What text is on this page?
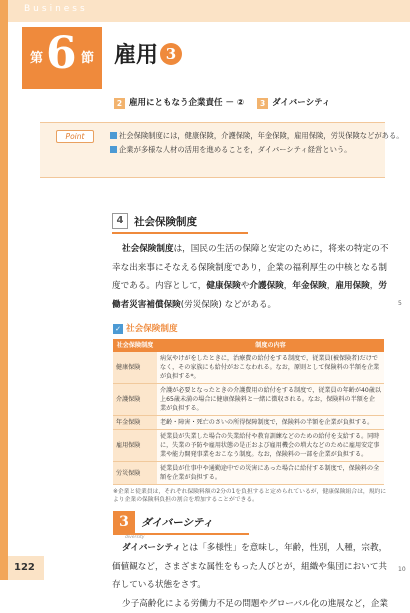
Business
第 6 節 雇用 3
2 雇用にともなう企業責任 － ② 3 ダイバーシティ
Point	社会保険制度には，健康保険，介護保険，年金保険，雇用保険，労災保険などがある。
企業が多様な人材の活用を進めることを，ダイバーシティ経営という。
4	社会保険制度
社会保険制度は，国民の生活の保障と安定のために，将来の特定の不幸な出来事にそなえる保険制度であり，企業の福利厚生の中核となる制度である。内容として，健康保険や介護保険，年金保険，雇用保険，労働者災害補償保険(労災保険) などがある。	5
✓ 社会保険制度
社会保険制度	制度の内容
健康保険	病気やけがをしたときに，治療費の給付をする制度で，従業員(被保険者)だけでなく，その家族にも給付がおこなわれる。なお，原則として保険料の半額を企業が負担する*。
介護保険	介護が必要となったときの介護費用の給付をする制度で，従業員の年齢が40歳以上65歳未満の場合に健康保険料と一緒に徴収される。なお，保険料の半額を企業が負担する。
年金保険	老齢・障害・死亡のさいの所得保障制度で，保険料の半額を企業が負担する。
雇用保険	従業員が失業した場合の失業給付や教育訓練などのための給付を支給する。同時に，失業の予防や雇用状態の是正および雇用機会の増大などのために雇用安定事業や能力開発事業をおこなう制度。なお，保険料の一部を企業が負担する。
労災保険	従業員が仕事中や通勤途中での災害にあった場合に給付する制度で，保険料の全額を企業が負担する。
※企業と従業員は，それぞれ保険料額の2分の1を負担すると定められているが，健康保険組合は，規約により企業の保険料負担の割合を増加することができる。
3	ダイバーシティ
diversity
ダイバーシティとは「多様性」を意味し，年齢，性別，人種，宗教，価値観など，さまざまな属性をもった人びとが，組織や集団において共存している状態をさす。
少子高齢化による労働力不足の問題やグローバル化の進展など，企業
10
122
